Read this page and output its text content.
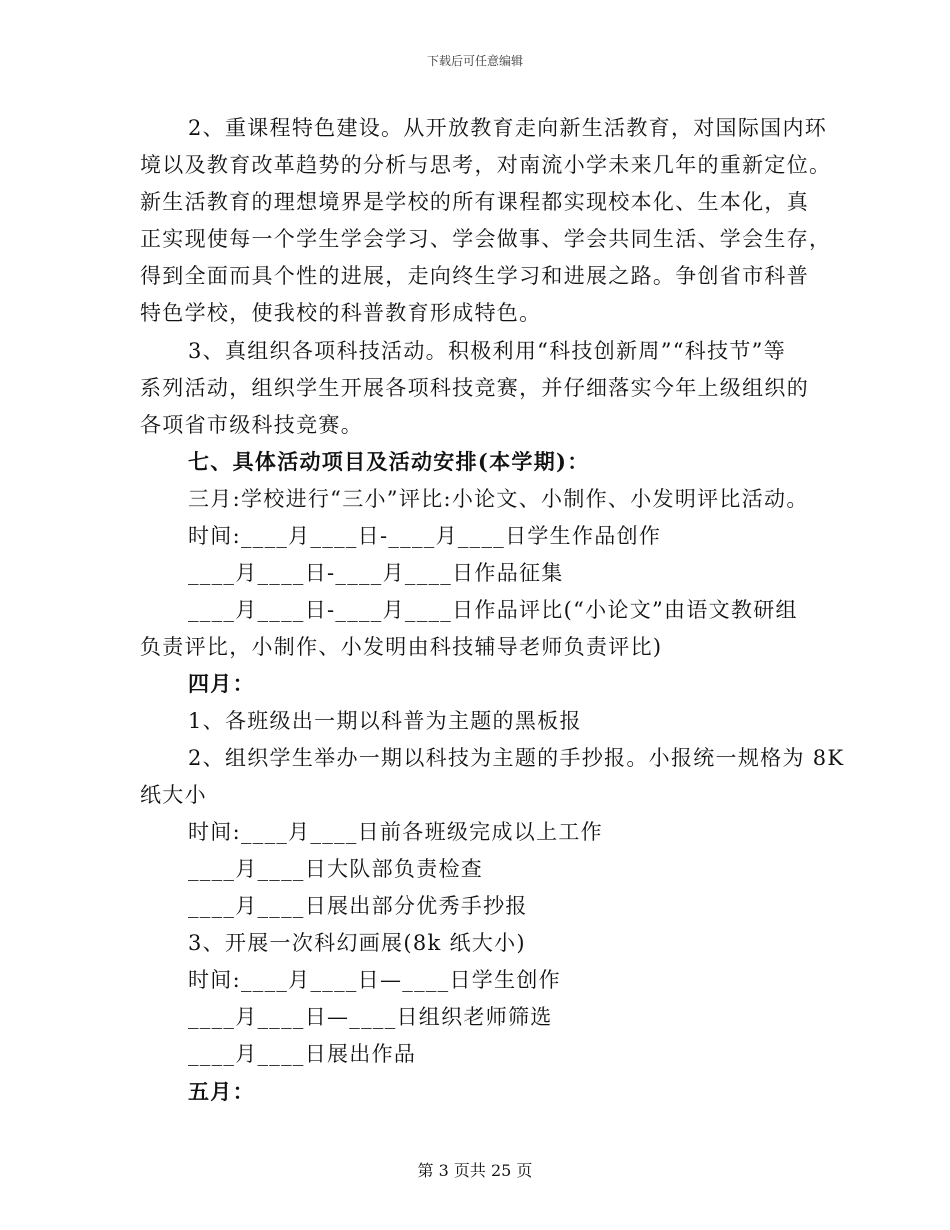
下载后可任意编辑
2、重课程特色建设。从开放教育走向新生活教育，对国际国内环
境以及教育改革趋势的分析与思考，对南流小学未来几年的重新定位。
新生活教育的理想境界是学校的所有课程都实现校本化、生本化，真
正实现使每一个学生学会学习、学会做事、学会共同生活、学会生存，
得到全面而具个性的进展，走向终生学习和进展之路。争创省市科普
特色学校，使我校的科普教育形成特色。
3、真组织各项科技活动。积极利用“科技创新周”“科技节”等
系列活动，组织学生开展各项科技竞赛，并仔细落实今年上级组织的
各项省市级科技竞赛。
七、具体活动项目及活动安排(本学期)：
三月:学校进行“三小”评比:小论文、小制作、小发明评比活动。
时间:____月____日-____月____日学生作品创作
____月____日-____月____日作品征集
____月____日-____月____日作品评比(“小论文”由语文教研组
负责评比，小制作、小发明由科技辅导老师负责评比)
四月：
1、各班级出一期以科普为主题的黑板报
2、组织学生举办一期以科技为主题的手抄报。小报统一规格为 8K
纸大小
时间:____月____日前各班级完成以上工作
____月____日大队部负责检查
____月____日展出部分优秀手抄报
3、开展一次科幻画展(8k 纸大小)
时间:____月____日—____日学生创作
____月____日—____日组织老师筛选
____月____日展出作品
五月：
第 3 页共 25 页
